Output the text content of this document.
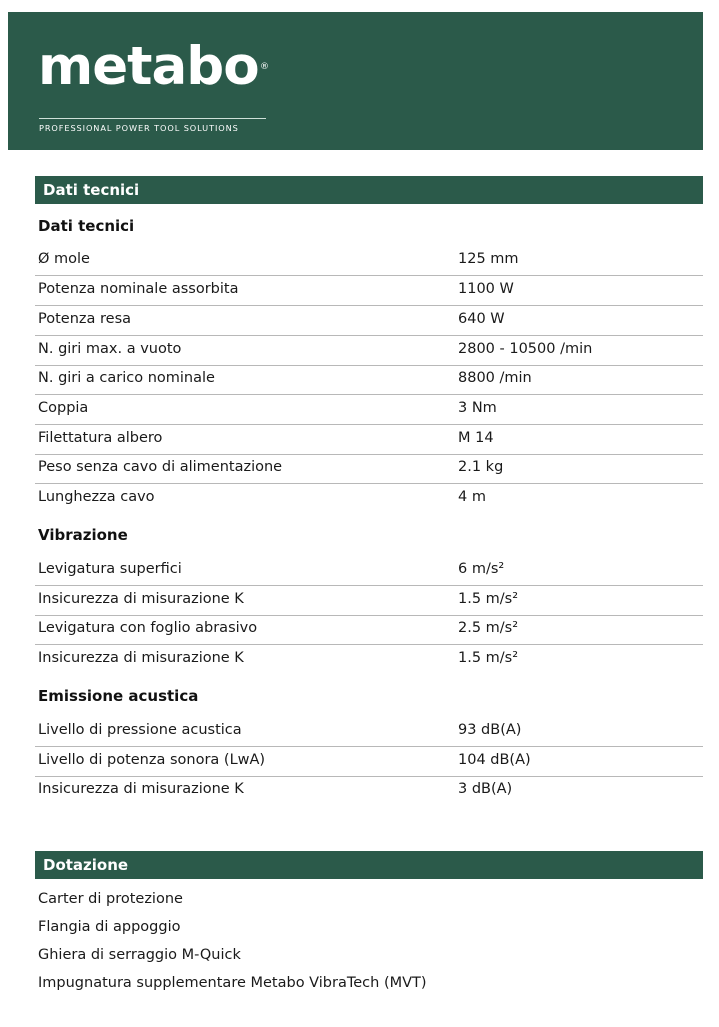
metabo ®
PROFESSIONAL POWER TOOL SOLUTIONS
Dati tecnici
Dati tecnici
Ø mole	125 mm
Potenza nominale assorbita	1100 W
Potenza resa	640 W
N. giri max. a vuoto	2800 - 10500 /min
N. giri a carico nominale	8800 /min
Coppia	3 Nm
Filettatura albero	M 14
Peso senza cavo di alimentazione	2.1 kg
Lunghezza cavo	4 m
Vibrazione
Levigatura superfici	6 m/s²
Insicurezza di misurazione K	1.5 m/s²
Levigatura con foglio abrasivo	2.5 m/s²
Insicurezza di misurazione K	1.5 m/s²
Emissione acustica
Livello di pressione acustica	93 dB(A)
Livello di potenza sonora (LwA)	104 dB(A)
Insicurezza di misurazione K	3 dB(A)
Dotazione
Carter di protezione
Flangia di appoggio
Ghiera di serraggio M-Quick
Impugnatura supplementare Metabo VibraTech (MVT)
